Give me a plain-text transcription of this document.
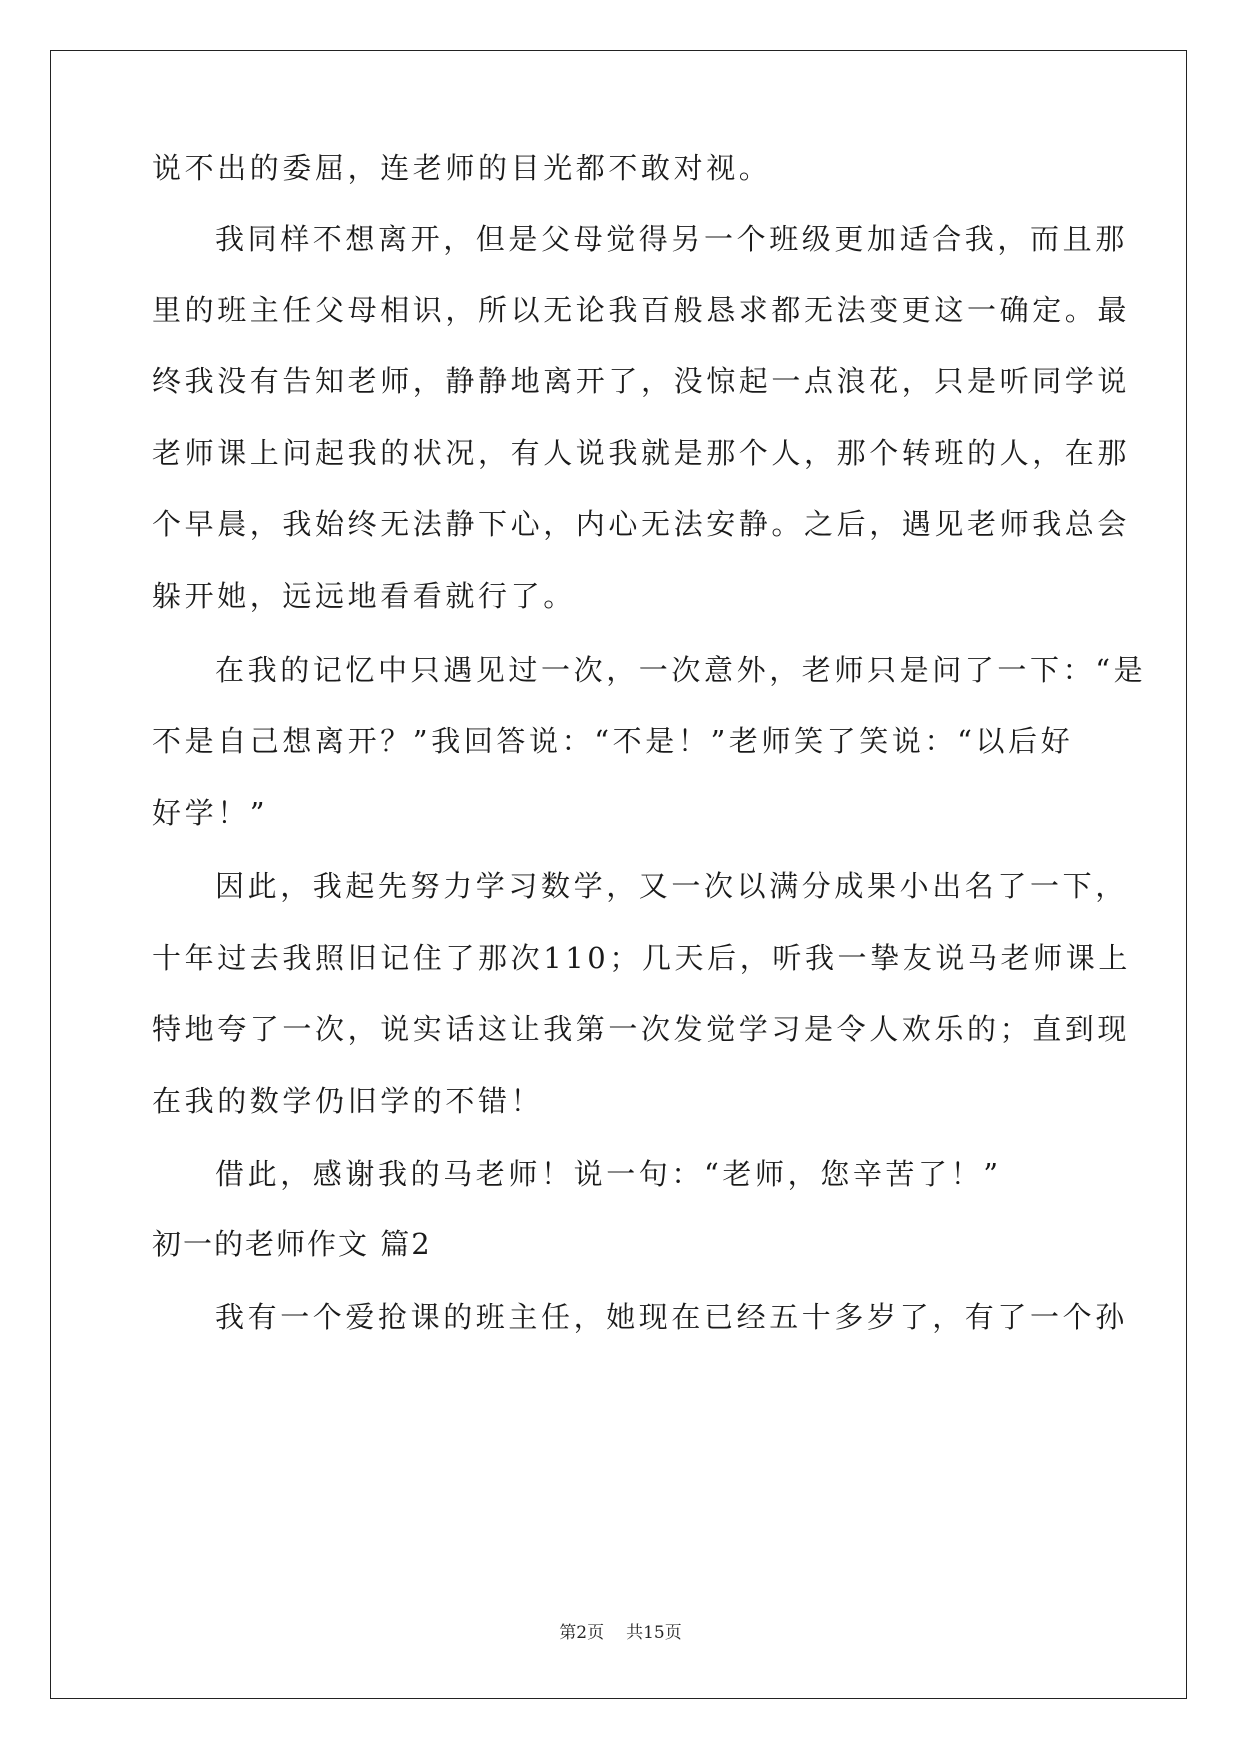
说不出的委屈，连老师的目光都不敢对视。
我同样不想离开，但是父母觉得另一个班级更加适合我，而且那
里的班主任父母相识，所以无论我百般恳求都无法变更这一确定。最
终我没有告知老师，静静地离开了，没惊起一点浪花，只是听同学说
老师课上问起我的状况，有人说我就是那个人，那个转班的人，在那
个早晨，我始终无法静下心，内心无法安静。之后，遇见老师我总会
躲开她，远远地看看就行了。
在我的记忆中只遇见过一次，一次意外，老师只是问了一下：“是
不是自己想离开？”我回答说：“不是！”老师笑了笑说：“以后好
好学！”
因此，我起先努力学习数学，又一次以满分成果小出名了一下，
十年过去我照旧记住了那次110；几天后，听我一挚友说马老师课上
特地夸了一次，说实话这让我第一次发觉学习是令人欢乐的；直到现
在我的数学仍旧学的不错！
借此，感谢我的马老师！说一句：“老师，您辛苦了！”
初一的老师作文 篇2
我有一个爱抢课的班主任，她现在已经五十多岁了，有了一个孙
第2页 共15页
